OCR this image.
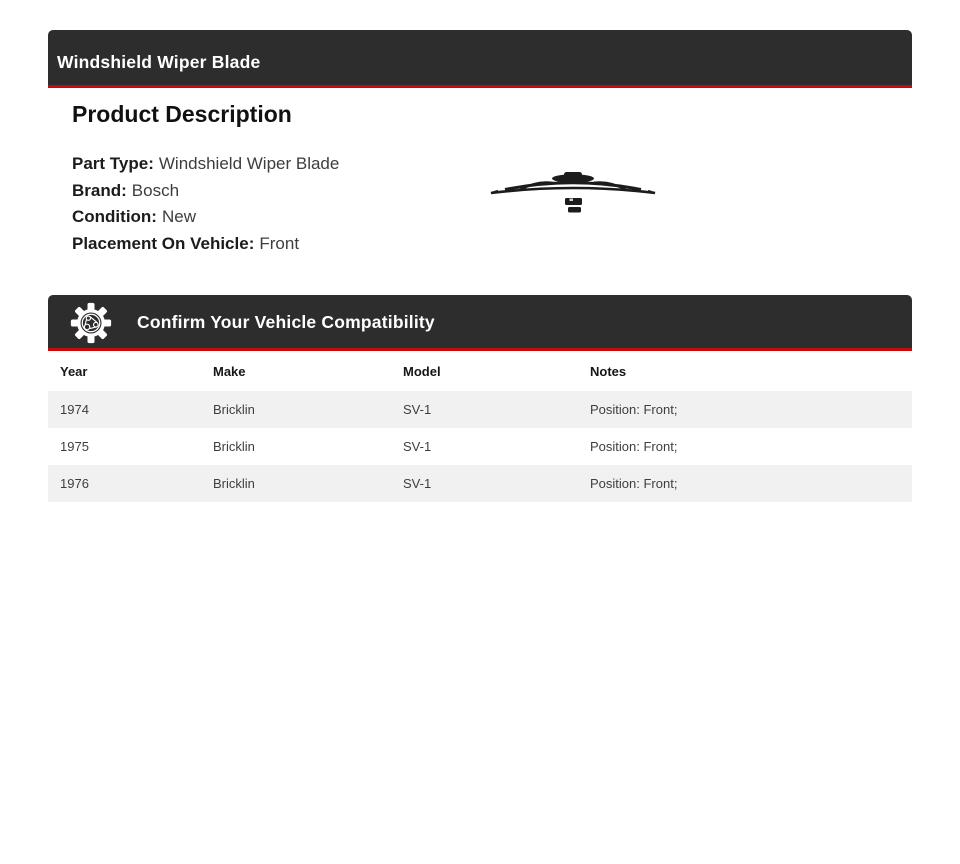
Windshield Wiper Blade
Product Description
Part Type: Windshield Wiper Blade
Brand: Bosch
Condition: New
Placement On Vehicle: Front
Confirm Your Vehicle Compatibility
Year	Make	Model	Notes
1974	Bricklin	SV-1	Position: Front;
1975	Bricklin	SV-1	Position: Front;
1976	Bricklin	SV-1	Position: Front;
